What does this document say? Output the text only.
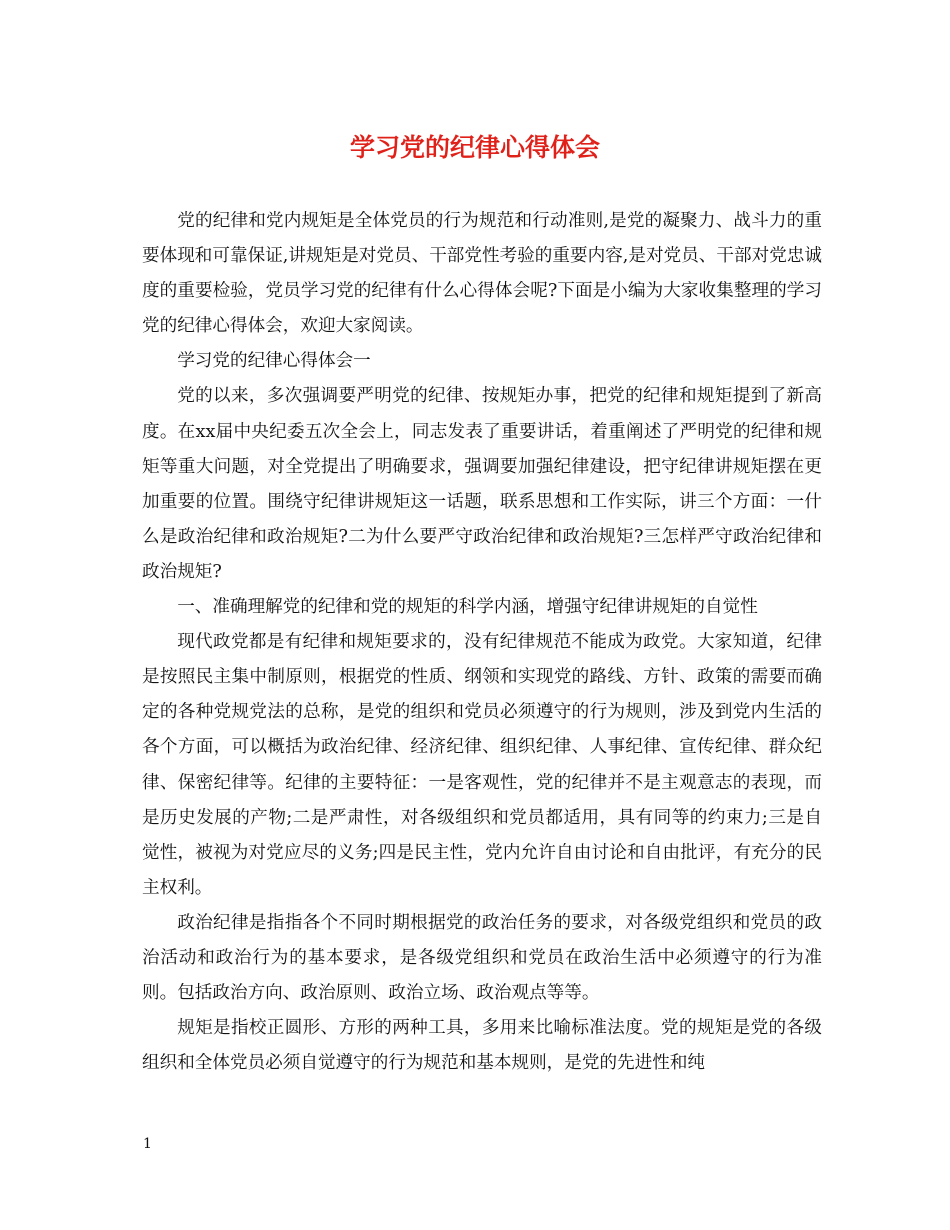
学习党的纪律心得体会

党的纪律和党内规矩是全体党员的行为规范和行动准则,是党的凝聚力、战斗力的重要体现和可靠保证,讲规矩是对党员、干部党性考验的重要内容,是对党员、干部对党忠诚度的重要检验，党员学习党的纪律有什么心得体会呢?下面是小编为大家收集整理的学习党的纪律心得体会，欢迎大家阅读。

学习党的纪律心得体会一

党的以来，多次强调要严明党的纪律、按规矩办事，把党的纪律和规矩提到了新高度。在xx届中央纪委五次全会上，同志发表了重要讲话，着重阐述了严明党的纪律和规矩等重大问题，对全党提出了明确要求，强调要加强纪律建设，把守纪律讲规矩摆在更加重要的位置。围绕守纪律讲规矩这一话题，联系思想和工作实际，讲三个方面：一什么是政治纪律和政治规矩?二为什么要严守政治纪律和政治规矩?三怎样严守政治纪律和政治规矩?

一、准确理解党的纪律和党的规矩的科学内涵，增强守纪律讲规矩的自觉性

现代政党都是有纪律和规矩要求的，没有纪律规范不能成为政党。大家知道，纪律是按照民主集中制原则，根据党的性质、纲领和实现党的路线、方针、政策的需要而确定的各种党规党法的总称，是党的组织和党员必须遵守的行为规则，涉及到党内生活的各个方面，可以概括为政治纪律、经济纪律、组织纪律、人事纪律、宣传纪律、群众纪律、保密纪律等。纪律的主要特征：一是客观性，党的纪律并不是主观意志的表现，而是历史发展的产物;二是严肃性，对各级组织和党员都适用，具有同等的约束力;三是自觉性，被视为对党应尽的义务;四是民主性，党内允许自由讨论和自由批评，有充分的民主权利。

政治纪律是指指各个不同时期根据党的政治任务的要求，对各级党组织和党员的政治活动和政治行为的基本要求，是各级党组织和党员在政治生活中必须遵守的行为准则。包括政治方向、政治原则、政治立场、政治观点等等。

规矩是指校正圆形、方形的两种工具，多用来比喻标准法度。党的规矩是党的各级组织和全体党员必须自觉遵守的行为规范和基本规则，是党的先进性和纯

1
